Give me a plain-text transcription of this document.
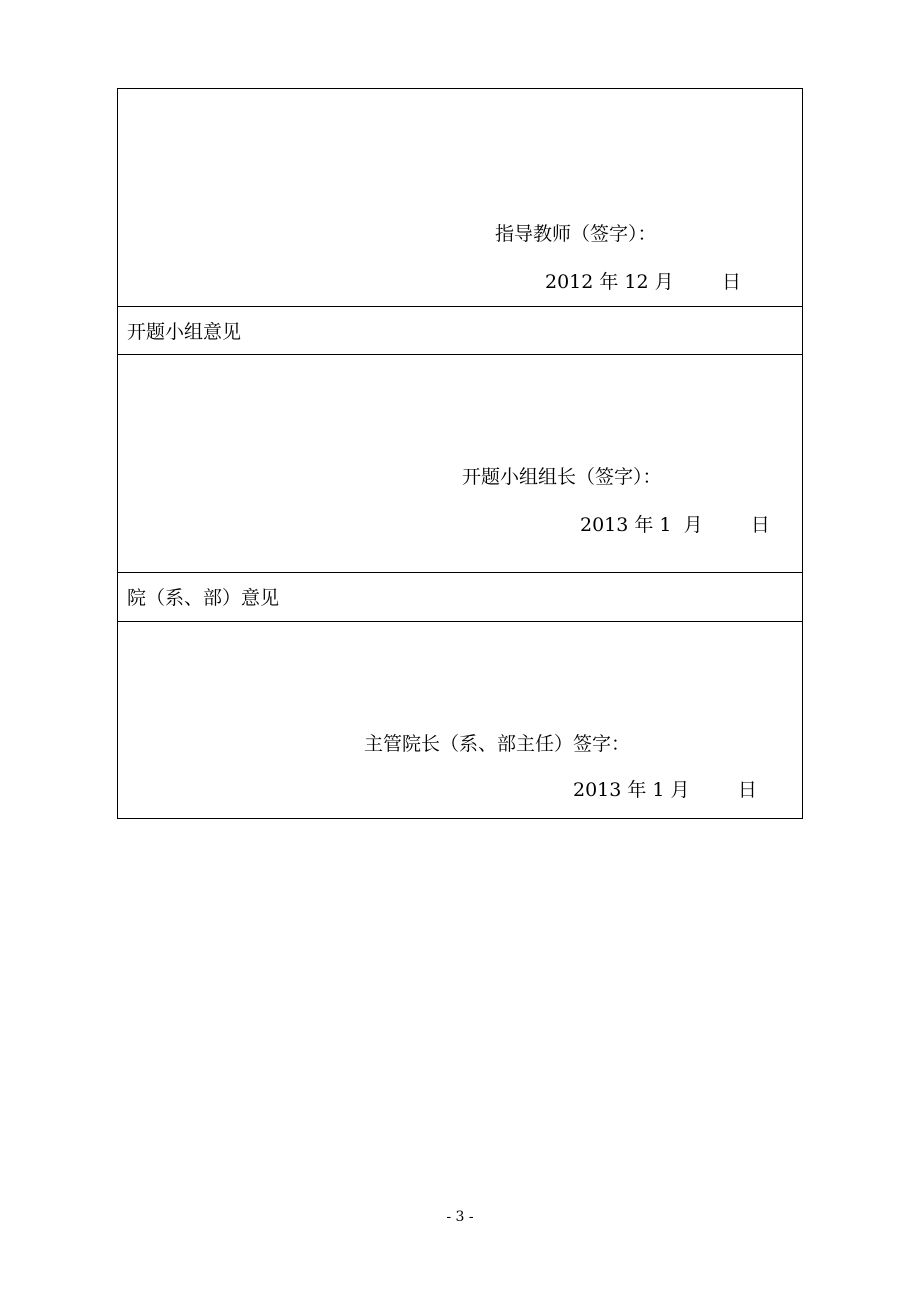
指导教师（签字）：
2012 年 12 月        日
开题小组意见
开题小组组长（签字）：
2013 年 1  月        日
院（系、部）意见
主管院长（系、部主任）签字：
2013 年 1 月        日
- 3 -
